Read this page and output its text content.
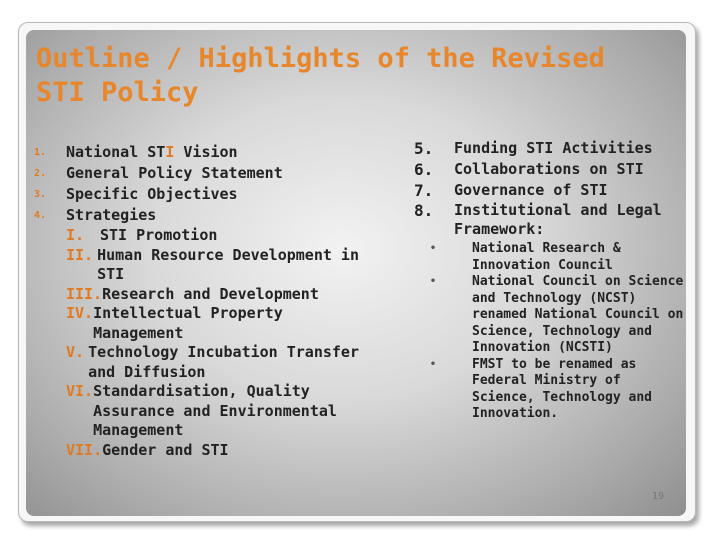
Outline / Highlights of the Revised
STI Policy
1.	National STI Vision
2.	General Policy Statement
3.	Specific Objectives
4.	Strategies
I.	STI Promotion
II. Human Resource Development in STI
III. Research and Development
IV. Intellectual Property Management
V. Technology Incubation Transfer and Diffusion
VI. Standardisation, Quality Assurance and Environmental Management
VII. Gender and STI
5.	Funding STI Activities
6.	Collaborations on STI
7.	Governance of STI
8.	Institutional and Legal Framework:
•	National Research & Innovation Council
•	National Council on Science and Technology (NCST) renamed National Council on Science, Technology and Innovation (NCSTI)
•	FMST to be renamed as Federal Ministry of Science, Technology and Innovation.
19
